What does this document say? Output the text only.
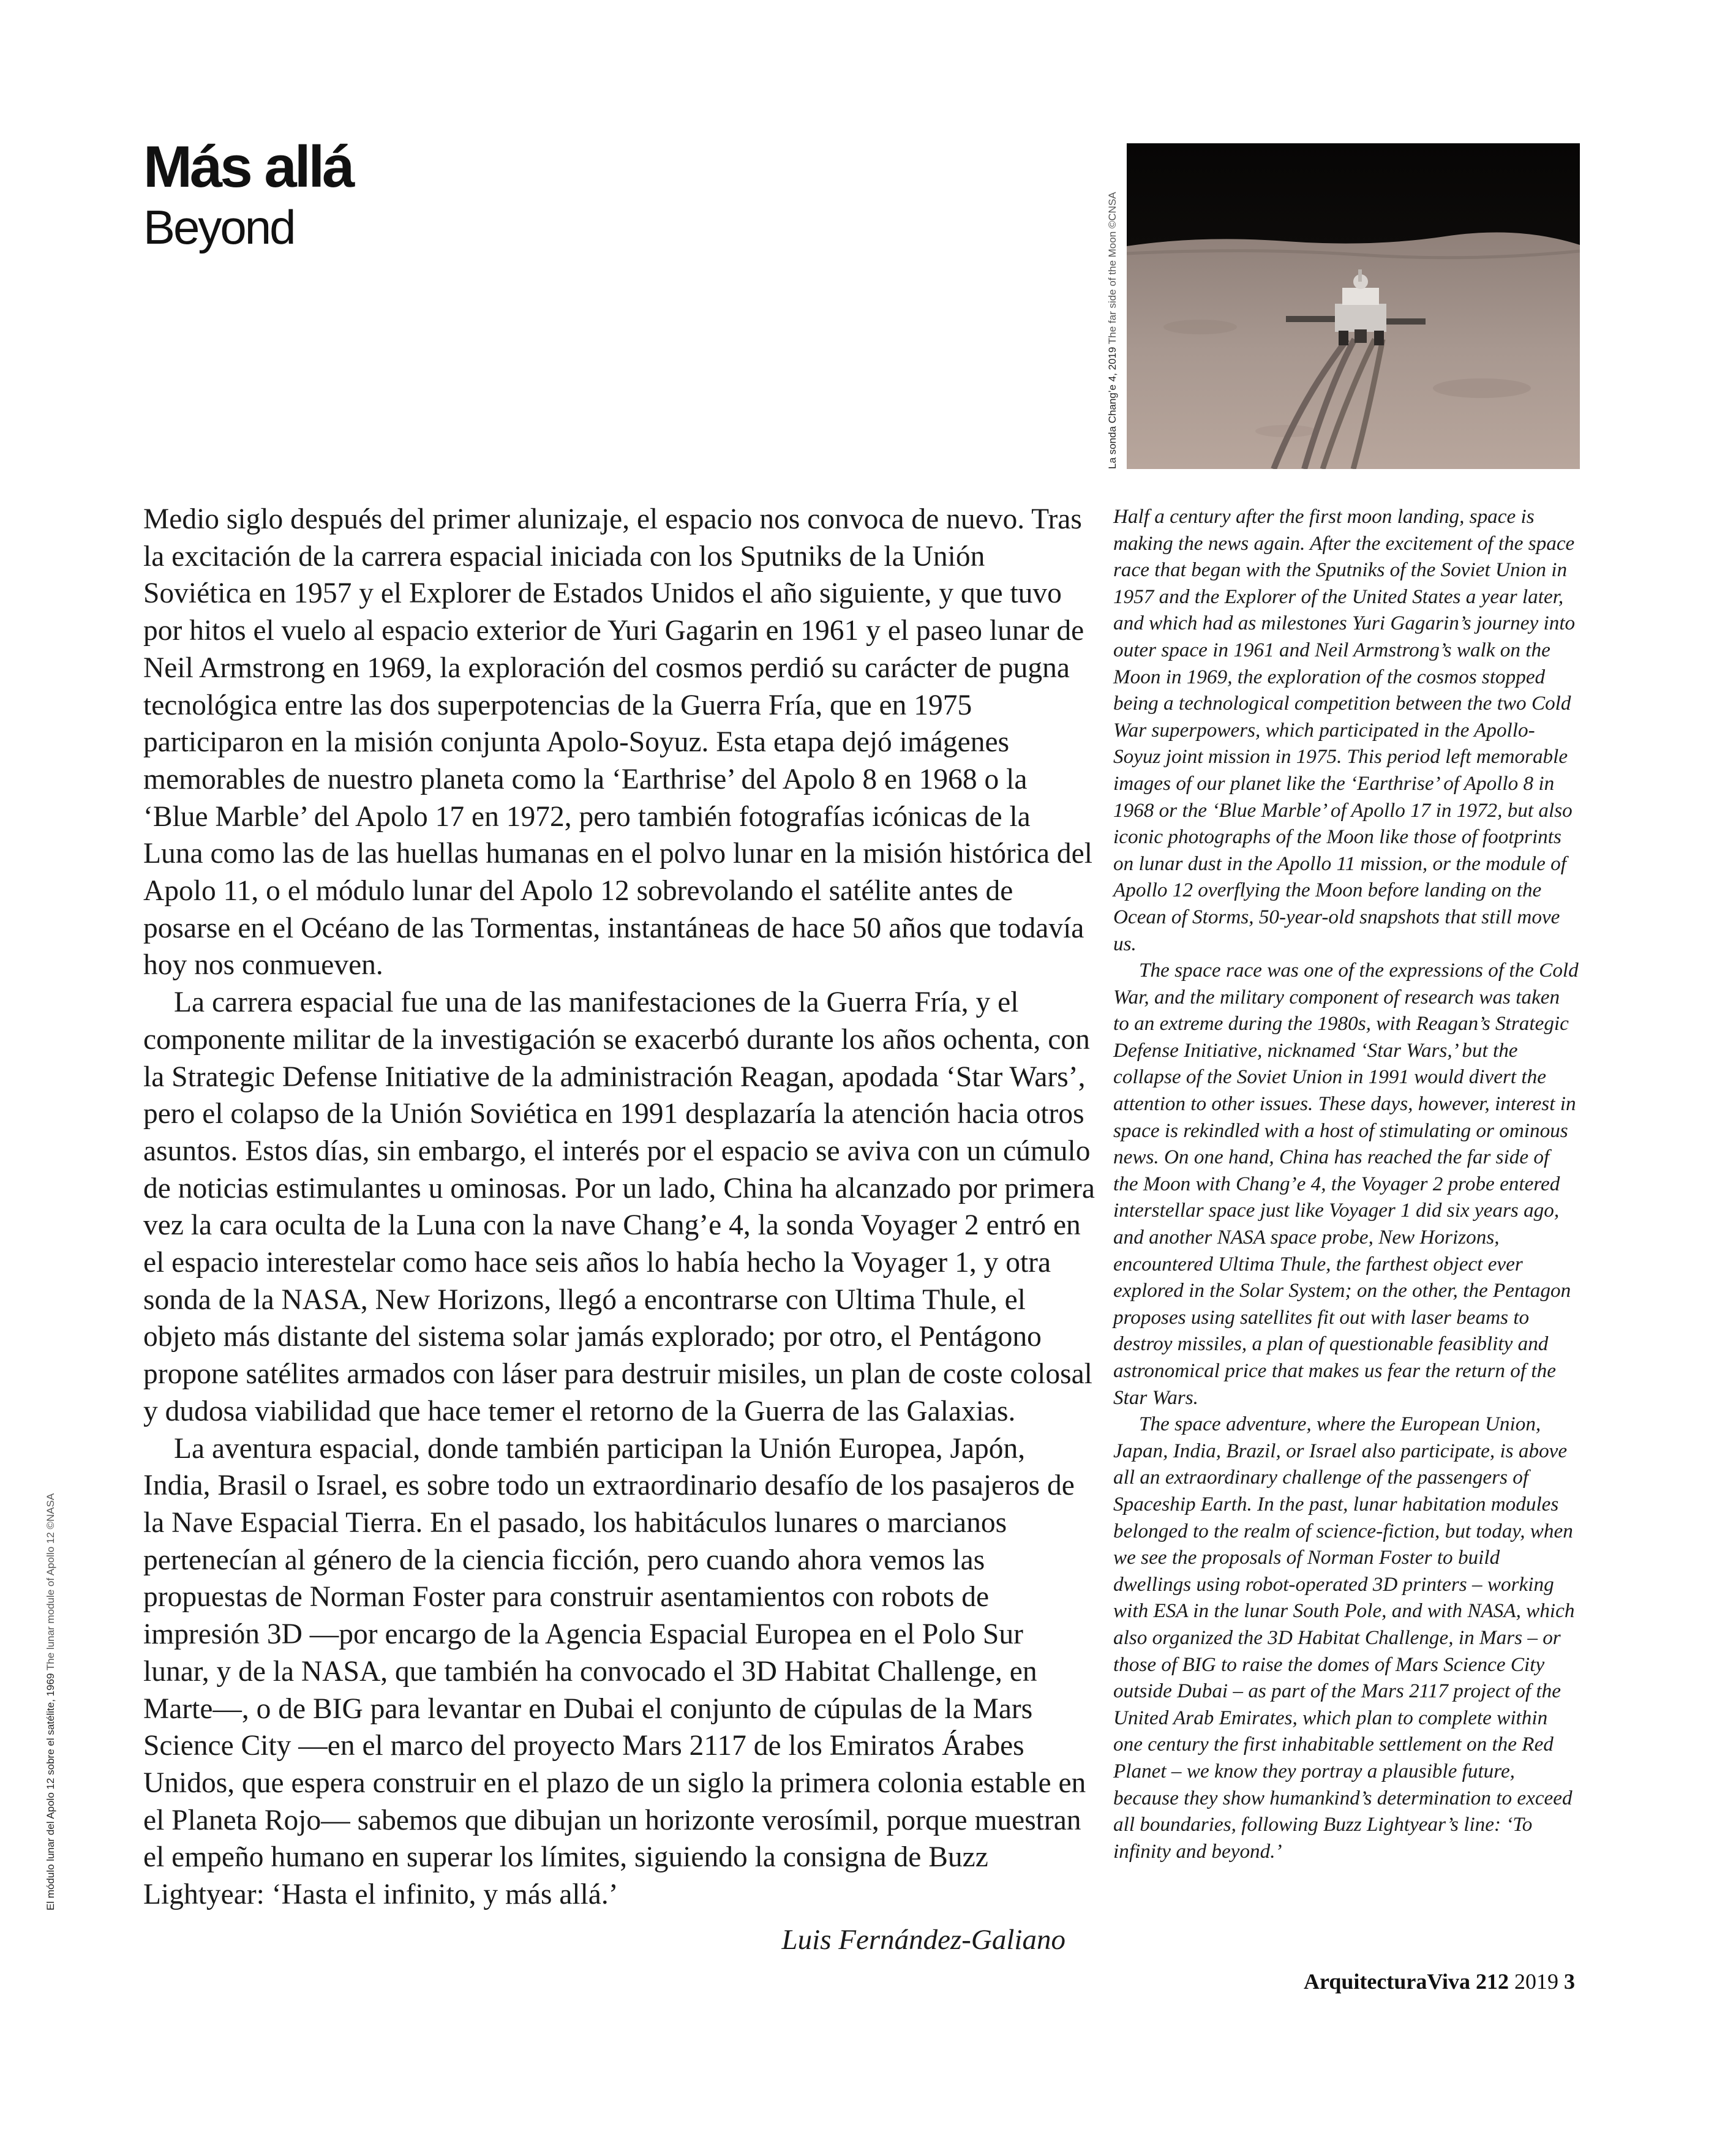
Más allá
Beyond
La sonda Chang’e 4, 2019 The far side of the Moon ©CNSA

Medio siglo después del primer alunizaje, el espacio nos convoca de nuevo. Tras la excitación de la carrera espacial iniciada con los Sputniks de la Unión Soviética en 1957 y el Explorer de Estados Unidos el año siguiente, y que tuvo por hitos el vuelo al espacio exterior de Yuri Gagarin en 1961 y el paseo lunar de Neil Armstrong en 1969, la exploración del cosmos perdió su carácter de pugna tecnológica entre las dos superpotencias de la Guerra Fría, que en 1975 participaron en la misión conjunta Apolo-Soyuz. Esta etapa dejó imágenes memorables de nuestro planeta como la ‘Earthrise’ del Apolo 8 en 1968 o la ‘Blue Marble’ del Apolo 17 en 1972, pero también fotografías icónicas de la Luna como las de las huellas humanas en el polvo lunar en la misión histórica del Apolo 11, o el módulo lunar del Apolo 12 sobrevolando el satélite antes de posarse en el Océano de las Tormentas, instantáneas de hace 50 años que todavía hoy nos conmueven.

La carrera espacial fue una de las manifestaciones de la Guerra Fría, y el componente militar de la investigación se exacerbó durante los años ochenta, con la Strategic Defense Initiative de la administración Reagan, apodada ‘Star Wars’, pero el colapso de la Unión Soviética en 1991 desplazaría la atención hacia otros asuntos. Estos días, sin embargo, el interés por el espacio se aviva con un cúmulo de noticias estimulantes u ominosas. Por un lado, China ha alcanzado por primera vez la cara oculta de la Luna con la nave Chang’e 4, la sonda Voyager 2 entró en el espacio interestelar como hace seis años lo había hecho la Voyager 1, y otra sonda de la NASA, New Horizons, llegó a encontrarse con Ultima Thule, el objeto más distante del sistema solar jamás explorado; por otro, el Pentágono propone satélites armados con láser para destruir misiles, un plan de coste colosal y dudosa viabilidad que hace temer el retorno de la Guerra de las Galaxias.

La aventura espacial, donde también participan la Unión Europea, Japón, India, Brasil o Israel, es sobre todo un extraordinario desafío de los pasajeros de la Nave Espacial Tierra. En el pasado, los habitáculos lunares o marcianos pertenecían al género de la ciencia ficción, pero cuando ahora vemos las propuestas de Norman Foster para construir asentamientos con robots de impresión 3D —por encargo de la Agencia Espacial Europea en el Polo Sur lunar, y de la NASA, que también ha convocado el 3D Habitat Challenge, en Marte—, o de BIG para levantar en Dubai el conjunto de cúpulas de la Mars Science City —en el marco del proyecto Mars 2117 de los Emiratos Árabes Unidos, que espera construir en el plazo de un siglo la primera colonia estable en el Planeta Rojo— sabemos que dibujan un horizonte verosímil, porque muestran el empeño humano en superar los límites, siguiendo la consigna de Buzz Lightyear: ‘Hasta el infinito, y más allá.’

Luis Fernández-Galiano

Half a century after the first moon landing, space is making the news again. After the excitement of the space race that began with the Sputniks of the Soviet Union in 1957 and the Explorer of the United States a year later, and which had as milestones Yuri Gagarin’s journey into outer space in 1961 and Neil Armstrong’s walk on the Moon in 1969, the exploration of the cosmos stopped being a technological competition between the two Cold War superpowers, which participated in the Apollo-Soyuz joint mission in 1975. This period left memorable images of our planet like the ‘Earthrise’ of Apollo 8 in 1968 or the ‘Blue Marble’ of Apollo 17 in 1972, but also iconic photographs of the Moon like those of footprints on lunar dust in the Apollo 11 mission, or the module of Apollo 12 overflying the Moon before landing on the Ocean of Storms, 50-year-old snapshots that still move us.

The space race was one of the expressions of the Cold War, and the military component of research was taken to an extreme during the 1980s, with Reagan’s Strategic Defense Initiative, nicknamed ‘Star Wars,’ but the collapse of the Soviet Union in 1991 would divert the attention to other issues. These days, however, interest in space is rekindled with a host of stimulating or ominous news. On one hand, China has reached the far side of the Moon with Chang’e 4, the Voyager 2 probe entered interstellar space just like Voyager 1 did six years ago, and another NASA space probe, New Horizons, encountered Ultima Thule, the farthest object ever explored in the Solar System; on the other, the Pentagon proposes using satellites fit out with laser beams to destroy missiles, a plan of questionable feasiblity and astronomical price that makes us fear the return of the Star Wars.

The space adventure, where the European Union, Japan, India, Brazil, or Israel also participate, is above all an extraordinary challenge of the passengers of Spaceship Earth. In the past, lunar habitation modules belonged to the realm of science-fiction, but today, when we see the proposals of Norman Foster to build dwellings using robot-operated 3D printers – working with ESA in the lunar South Pole, and with NASA, which also organized the 3D Habitat Challenge, in Mars – or those of BIG to raise the domes of Mars Science City outside Dubai – as part of the Mars 2117 project of the United Arab Emirates, which plan to complete within one century the first inhabitable settlement on the Red Planet – we know they portray a plausible future, because they show humankind’s determination to exceed all boundaries, following Buzz Lightyear’s line: ‘To infinity and beyond.’

El módulo lunar del Apolo 12 sobre el satélite, 1969 The lunar module of Apollo 12 ©NASA
ArquitecturaViva 212 2019 3
